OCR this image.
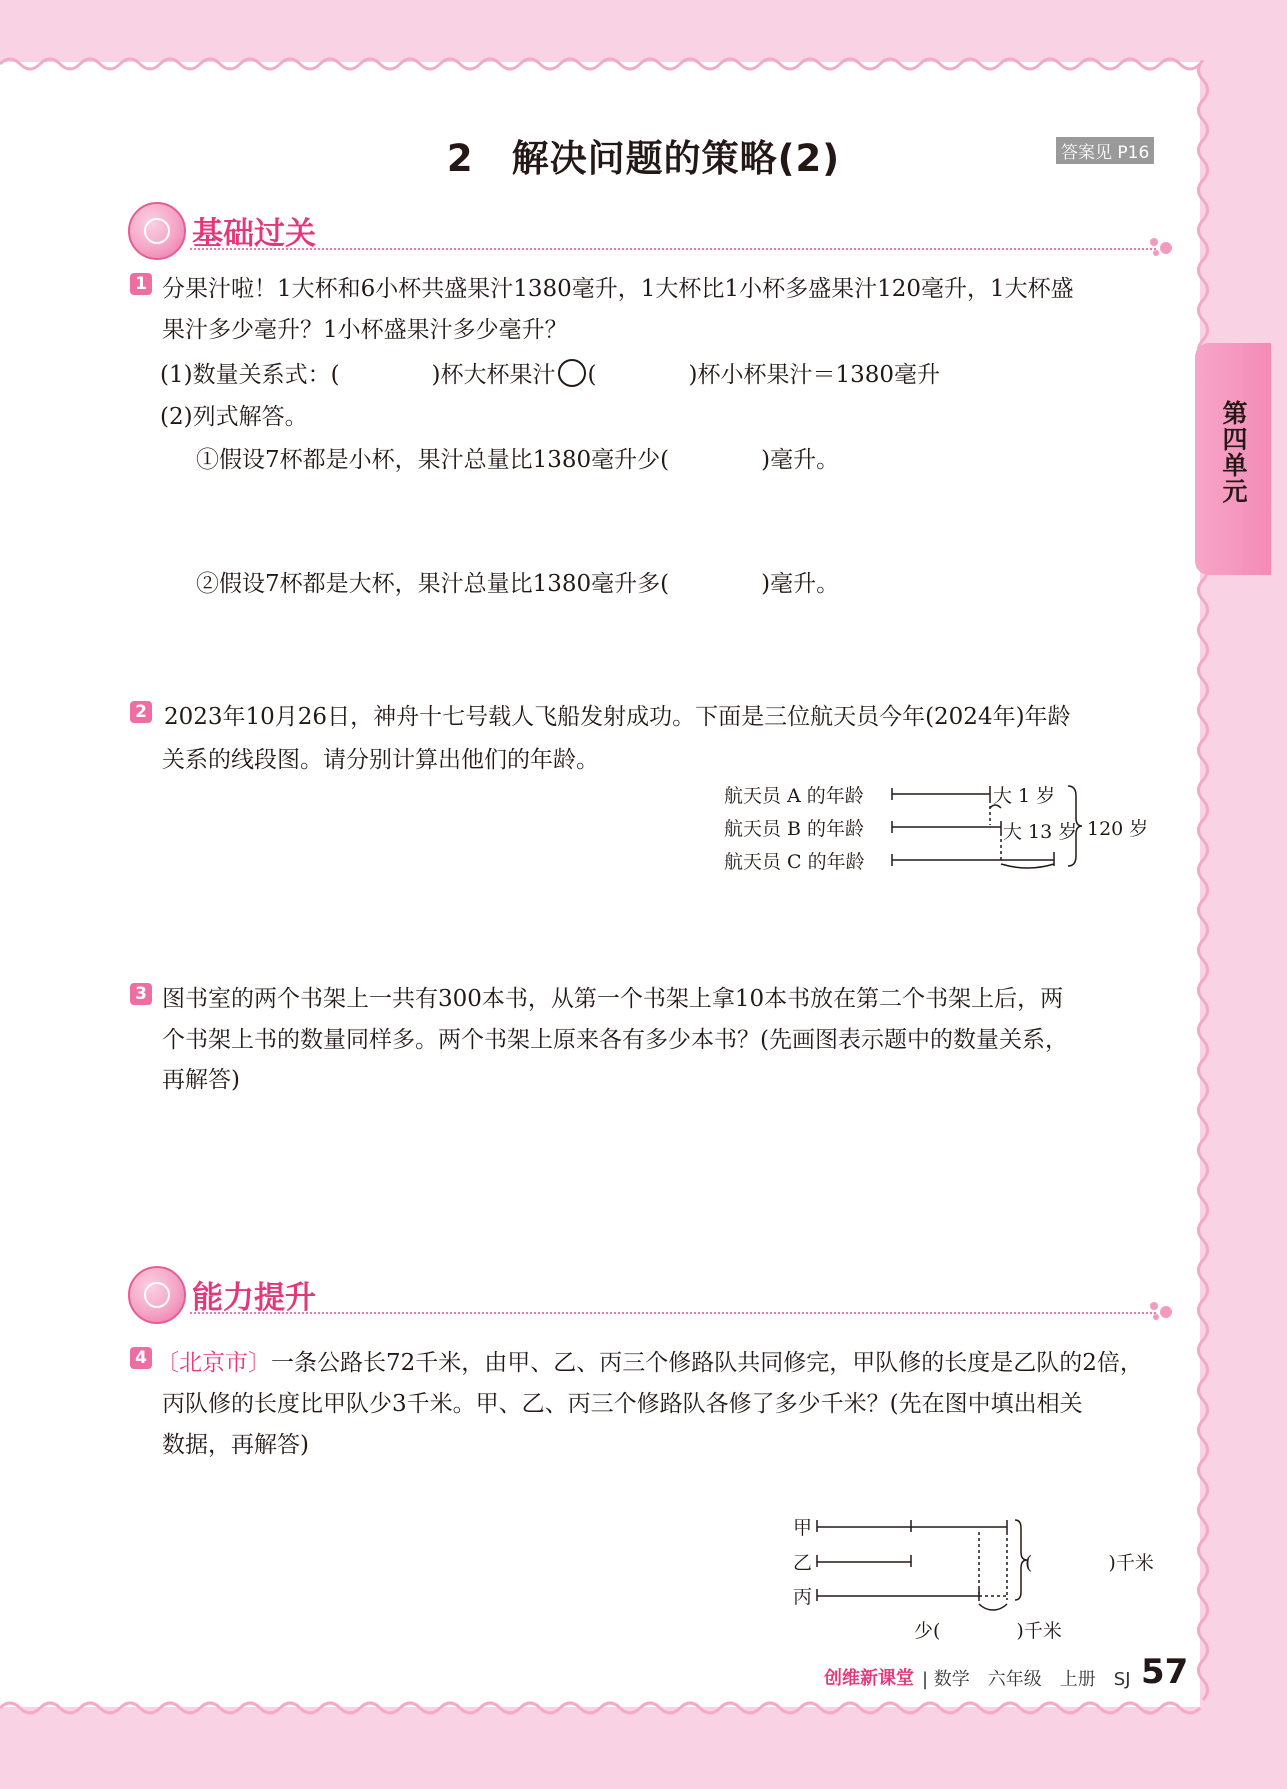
2　解决问题的策略(2)	答案见 P16
第四单元
基础过关
1 分果汁啦！1大杯和6小杯共盛果汁1380毫升，1大杯比1小杯多盛果汁120毫升，1大杯盛
果汁多少毫升？1小杯盛果汁多少毫升？
(1)数量关系式：(　　　　)杯大杯果汁 (　　　　)杯小杯果汁＝1380毫升
(2)列式解答。
①假设7杯都是小杯，果汁总量比1380毫升少(　　　　)毫升。
②假设7杯都是大杯，果汁总量比1380毫升多(　　　　)毫升。
2 2023年10月26日，神舟十七号载人飞船发射成功。下面是三位航天员今年(2024年)年龄
关系的线段图。请分别计算出他们的年龄。
航天员 A 的年龄
航天员 B 的年龄
航天员 C 的年龄
大 1 岁
大 13 岁 120 岁
3 图书室的两个书架上一共有300本书，从第一个书架上拿10本书放在第二个书架上后，两
个书架上书的数量同样多。两个书架上原来各有多少本书？(先画图表示题中的数量关系，
再解答)
能力提升
4 〔北京市〕一条公路长72千米，由甲、乙、丙三个修路队共同修完，甲队修的长度是乙队的2倍，
丙队修的长度比甲队少3千米。甲、乙、丙三个修路队各修了多少千米？(先在图中填出相关
数据，再解答)
甲
乙
丙
(　　　　)千米
少(　　　　)千米
创维新课堂 | 数学　六年级　上册　SJ 57
